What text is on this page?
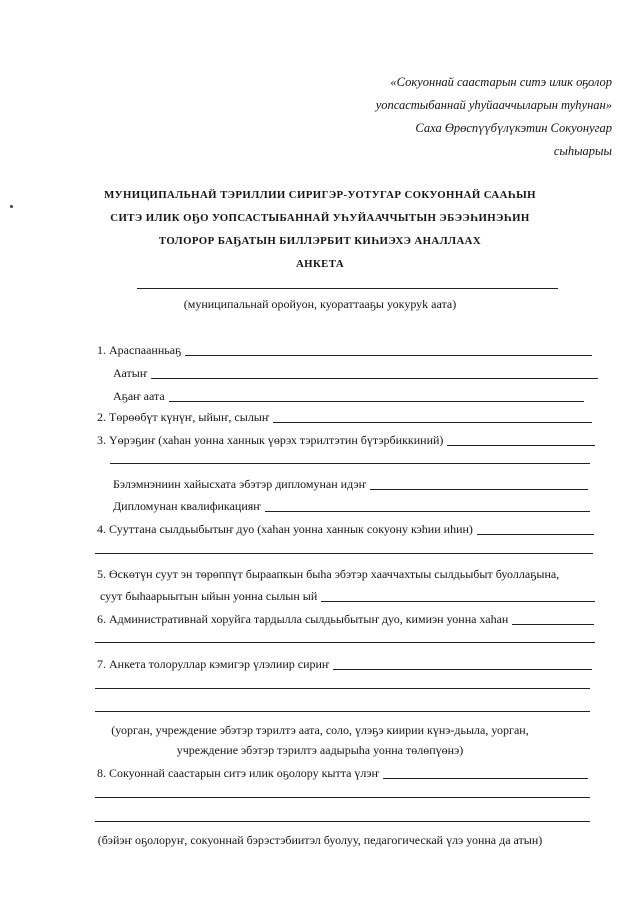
«Сокуоннай саастарын ситэ илик оҕолор
уопсастыбаннай уһуйааччыларын туһунан»
Саха Өрөспүүбүлүкэтин Сокуонугар
сыһыарыы
МУНИЦИПАЛЬНАЙ ТЭРИЛЛИИ СИРИГЭР-УОТУГАР СОКУОННАЙ СААҺЫН
СИТЭ ИЛИК ОҔО УОПСАСТЫБАННАЙ УҺУЙААЧЧЫТЫН ЭБЭЭҺИНЭҺИН
ТОЛОРОР БАҔАТЫН БИЛЛЭРБИТ КИҺИЭХЭ АНАЛЛААХ
АНКЕТА
(муниципальнай оройуон, куораттааҕы уокуруk аата)
1. Араспаанньаҕ
Аатыҥ
Аҕаҥ аата
2. Төрөөбүт күнүҥ, ыйыҥ, сылыҥ
3. Үөрэҕиҥ (хаһан уонна ханнык үөрэх тэрилтэтин бүтэрбиккиний)
Бэлэмнэниин хайысхата эбэтэр дипломунан идэҥ
Дипломунан квалификацияҥ
4. Сууттана сылдьыбытыҥ дуо (хаһан уонна ханнык сокуону кэһии иһин)
5. Өскөтүн суут эн төрөппүт быраапкын быһа эбэтэр хааччахтыы сылдьыбыт буоллаҕына,
суут быһаарыытын ыйын уонна сылын ый
6. Административнай хоруйга тардылла сылдьыбытыҥ дуо, кимиэн уонна хаһан
7. Анкета толоруллар кэмигэр үлэлиир сириҥ
(уорган, учреждение эбэтэр тэрилтэ аата, солo, үлэҕэ киирии күнэ-дьыла, уорган,
учреждение эбэтэр тэрилтэ аадырыһа уонна төлөпүөнэ)
8. Сокуоннай саастарын ситэ илик оҕолору кытта үлэҥ
(бэйэҥ оҕолоруҥ, сокуоннай бэрэстэбиитэл буолуу, педагогическай үлэ уонна да атын)
